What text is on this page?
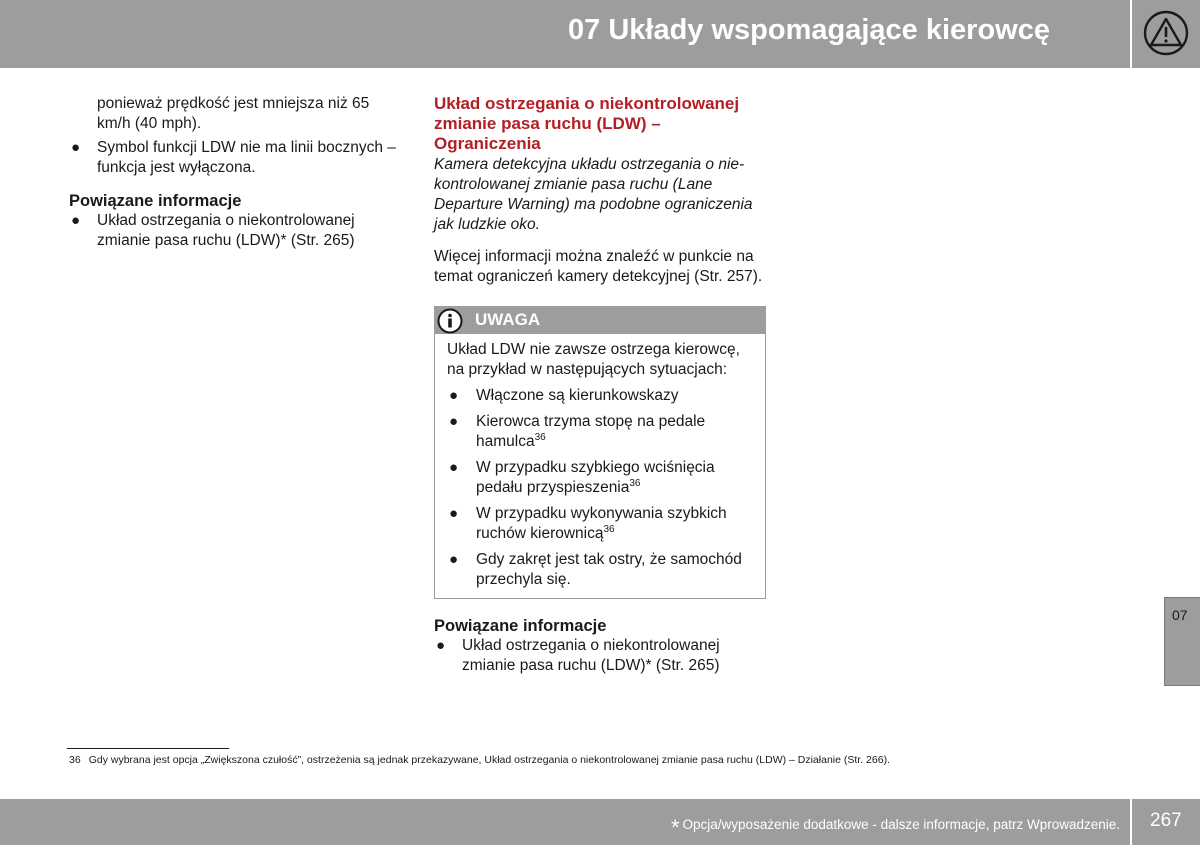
07 Układy wspomagające kierowcę

ponieważ prędkość jest mniejsza niż 65 km/h (40 mph).

● Symbol funkcji LDW nie ma linii bocznych – funkcja jest wyłączona.
Powiązane informacje
● Układ ostrzegania o niekontrolowanej zmianie pasa ruchu (LDW)* (Str. 265)
Układ ostrzegania o niekontrolowanej zmianie pasa ruchu (LDW) – Ograniczenia

Kamera detekcyjna układu ostrzegania o nie-kontrolowanej zmianie pasa ruchu (Lane Departure Warning) ma podobne ograniczenia jak ludzkie oko.

Więcej informacji można znaleźć w punkcie na temat ograniczeń kamery detekcyjnej (Str. 257).

UWAGA

Układ LDW nie zawsze ostrzega kierowcę, na przykład w następujących sytuacjach:

● Włączone są kierunkowskazy
● Kierowca trzyma stopę na pedale hamulca$^{36}$
● W przypadku szybkiego wciśnięcia pedału przyspieszenia$^{36}$
● W przypadku wykonywania szybkich ruchów kierownicą$^{36}$
● Gdy zakręt jest tak ostry, że samochód przechyla się.
Powiązane informacje
● Układ ostrzegania o niekontrolowanej zmianie pasa ruchu (LDW)* (Str. 265)
36 Gdy wybrana jest opcja „Zwiększona czułość”, ostrzeżenia są jednak przekazywane, Układ ostrzegania o niekontrolowanej zmianie pasa ruchu (LDW) – Działanie (Str. 266).
07
* Opcja/wyposażenie dodatkowe - dalsze informacje, patrz Wprowadzenie. 267
